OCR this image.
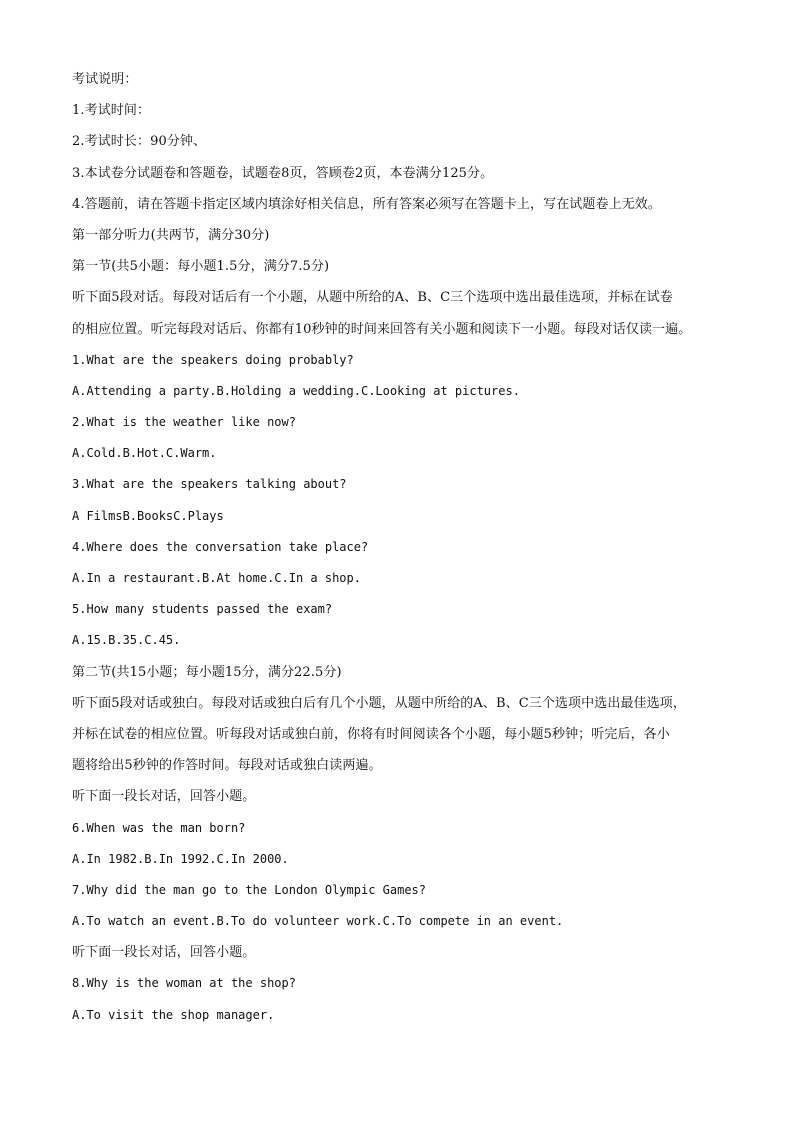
考试说明：
1.考试时间：
2.考试时长：90分钟、
3.本试卷分试题卷和答题卷，试题卷8页，答顾卷2页，本卷满分125分。
4.答题前，请在答题卡指定区域内填涂好相关信息，所有答案必须写在答题卡上，写在试题卷上无效。
第一部分听力(共两节，满分30分)
第一节(共5小题：每小题1.5分，满分7.5分)
听下面5段对话。每段对话后有一个小题，从题中所给的A、B、C三个选项中选出最佳选项，并标在试卷
的相应位置。听完每段对话后、你都有10秒钟的时间来回答有关小题和阅读下一小题。每段对话仅读一遍。
1.What are the speakers doing probably?
A.Attending a party.B.Holding a wedding.C.Looking at pictures.
2.What is the weather like now?
A.Cold.B.Hot.C.Warm.
3.What are the speakers talking about?
A FilmsB.BooksC.Plays
4.Where does the conversation take place?
A.In a restaurant.B.At home.C.In a shop.
5.How many students passed the exam?
A.15.B.35.C.45.
第二节(共15小题；每小题15分，满分22.5分)
听下面5段对话或独白。每段对话或独白后有几个小题，从题中所给的A、B、C三个选项中选出最佳选项，
并标在试卷的相应位置。听每段对话或独白前，你将有时间阅读各个小题，每小题5秒钟；听完后，各小
题将给出5秒钟的作答时间。每段对话或独白读两遍。
听下面一段长对话，回答小题。
6.When was the man born?
A.In 1982.B.In 1992.C.In 2000.
7.Why did the man go to the London Olympic Games?
A.To watch an event.B.To do volunteer work.C.To compete in an event.
听下面一段长对话，回答小题。
8.Why is the woman at the shop?
A.To visit the shop manager.
